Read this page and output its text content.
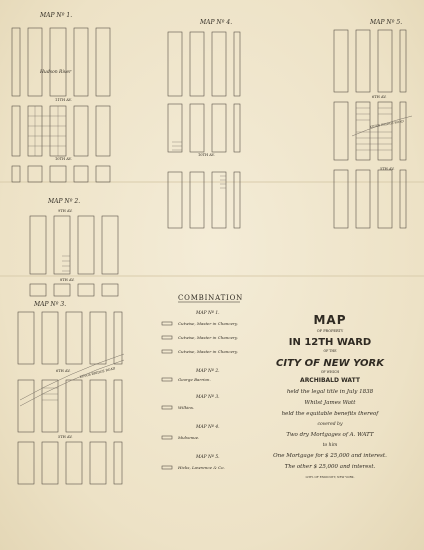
MAP Nº 1.
Hudson River
11TH AV.
10TH AV.
MAP Nº 4.
10TH AV.
MAP Nº 5.
6TH AV.
5TH AV.
KINGS BRIDGE ROAD
MAP Nº 2.
9TH AV.
8TH AV.
MAP Nº 3.
6TH AV.
5TH AV.
KINGS BRIDGE ROAD
COMBINATION
MAP Nº 1.
Cutwise, Master in Chancery.
Cutwise, Master in Chancery.
Cutwise, Master in Chancery.
MAP Nº 2.
George Barrion.
MAP Nº 3.
Wilkins.
MAP Nº 4.
Mulvenue.
MAP Nº 5.
Hicks, Lawrence & Co.
MAP
OF PROPERTY
IN 12TH WARD
OF THE
CITY OF NEW YORK
OF WHICH
ARCHIBALD WATT
held the legal title in July 1838
Whilst James Watt
held the equitable benefits thereof
covered by
Two dry Mortgages of A. WATT
to him
One Mortgage for $ 25,000 and interest.
The other $ 25,000 and interest.
LITH. OF ENDICOTT, NEW YORK.
